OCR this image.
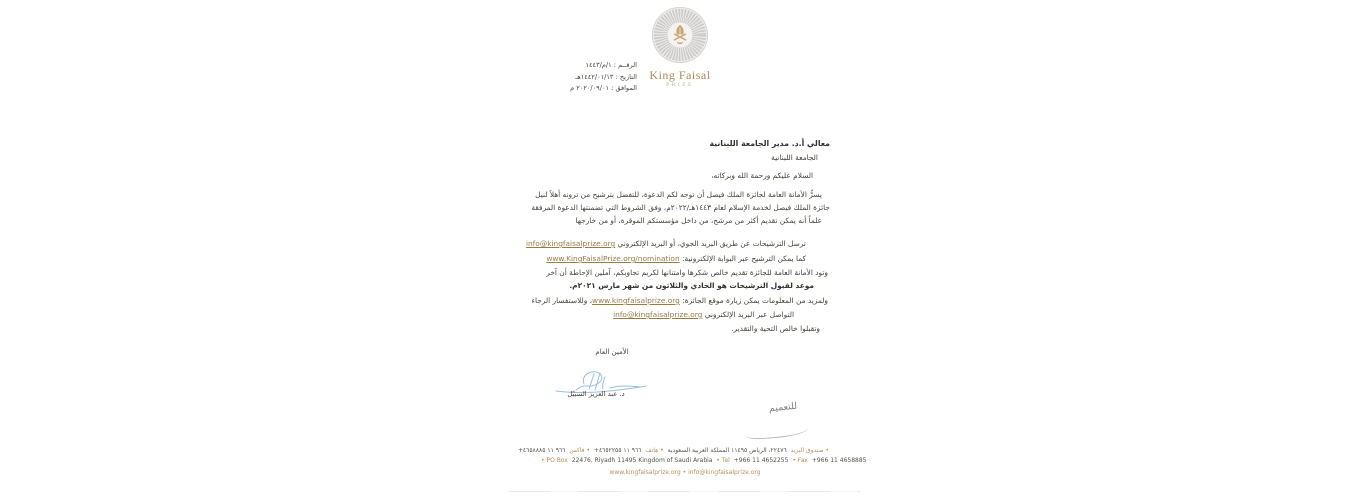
King Faisal
PRIZE
الرقــم : ١/م/١٤٤٣
التاريخ : ١٤٤٢/٠١/١٣هـ
الموافق : ٢٠٢٠/٠٩/٠١ م
معالي أ.د. مدير الجامعة اللبنانية
الجامعة اللبنانية
السلام عليكم ورحمة الله وبركاته،
يسرُّ الأمانة العامة لجائزة الملك فيصل أن توجه لكم الدعوة، للتفضل بترشيح من ترونه أهلاً لنيل
جائزة الملك فيصل لخدمة الإسلام لعام ١٤٤٣هـ/٢٠٢٢م، وفق الشروط التي تضمنتها الدعوة المرفقة
علماً أنه يمكن تقديم أكثر من مرشح، من داخل مؤسستكم الموقرة، أو من خارجها
ترسل الترشيحات عن طريق البريد الجوي، أو البريد الإلكتروني info@kingfaisalprize.org
كما يمكن الترشيح عبر البوابة الإلكترونية: www.KingFaisalPrize.org/nomination
وتود الأمانة العامة للجائزة تقديم خالص شكرها وامتنانها لكريم تجاوبكم، آملين الإحاطة أن آخر
موعد لقبول الترشيحات هو الحادي والثلاثون من شهر مارس ٢٠٢١م.
ولمزيد من المعلومات يمكن زيارة موقع الجائزة: www.kingfaisalprize.org، وللاستفسار الرجاء
التواصل عبر البريد الإلكتروني info@kingfaisalprize.org
وتقبلوا خالص التحية والتقدير.
الأمين العام
د. عبد العزيز السبيّل
للتعميم
• صندوق البريد ٢٢٤٧٦، الرياض ١١٤٩٥ المملكة العربية السعودية • هاتف +٩٦٦ ١١ ٤٦٥٢٢٥٥ • فاكس +٩٦٦ ١١ ٤٦٥٨٨٨٥
• PO Box 22476, Riyadh 11495 Kingdom of Saudi Arabia • Tel +966 11 4652255 • Fax +966 11 4658885
www.kingfaisalprize.org • info@kingfaisalprize.org
